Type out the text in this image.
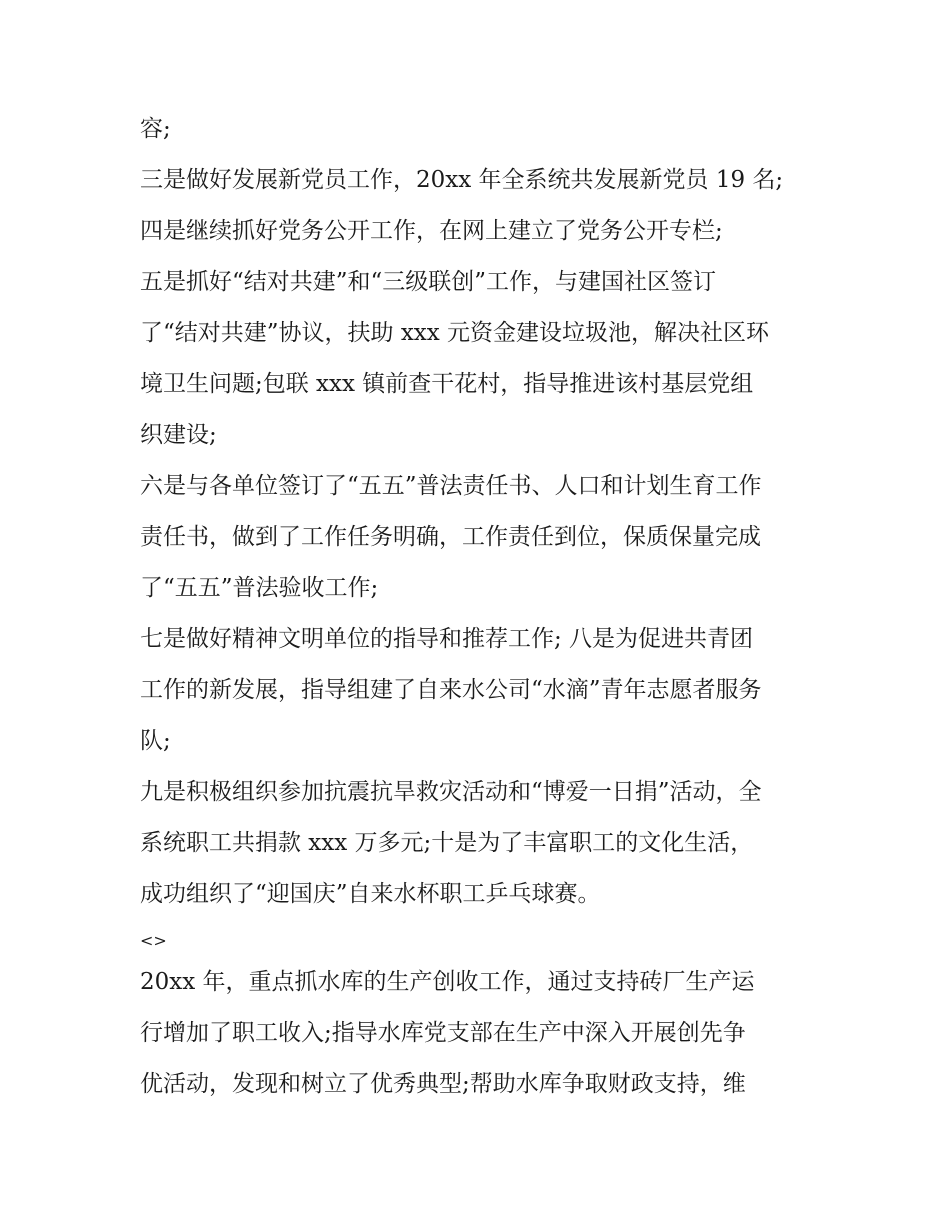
容;
三是做好发展新党员工作，20xx 年全系统共发展新党员 19 名;
四是继续抓好党务公开工作，在网上建立了党务公开专栏;
五是抓好“结对共建”和“三级联创”工作，与建国社区签订
了“结对共建”协议，扶助 xxx 元资金建设垃圾池，解决社区环
境卫生问题;包联 xxx 镇前查干花村，指导推进该村基层党组
织建设;
六是与各单位签订了“五五”普法责任书、人口和计划生育工作
责任书，做到了工作任务明确，工作责任到位，保质保量完成
了“五五”普法验收工作;
七是做好精神文明单位的指导和推荐工作; 八是为促进共青团
工作的新发展，指导组建了自来水公司“水滴”青年志愿者服务
队;
九是积极组织参加抗震抗旱救灾活动和“博爱一日捐”活动，全
系统职工共捐款 xxx 万多元;十是为了丰富职工的文化生活，
成功组织了“迎国庆”自来水杯职工乒乓球赛。
<>
20xx 年，重点抓水库的生产创收工作，通过支持砖厂生产运
行增加了职工收入;指导水库党支部在生产中深入开展创先争
优活动，发现和树立了优秀典型;帮助水库争取财政支持，维
